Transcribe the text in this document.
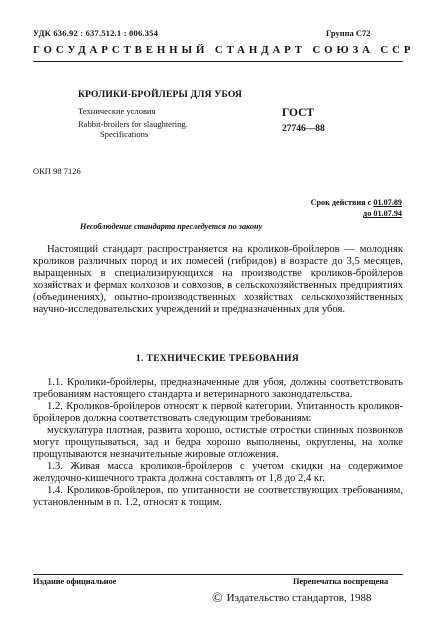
УДК 636.92 : 637.512.1 : 006.354	Группа С72
ГОСУДАРСТВЕННЫЙ СТАНДАРТ СОЮЗА ССР
КРОЛИКИ-БРОЙЛЕРЫ ДЛЯ УБОЯ
Технические условия
Rabbit-broilers for slaughtering.
Specifications
ГОСТ
27746—88
ОКП 98 7126
Срок действия с 01.07.89
до 01.07.94
Несоблюдение стандарта преследуется по закону
Настоящий стандарт распространяется на кроликов-бройлеров — молодняк кроликов различных пород и их помесей (гибридов) в возрасте до 3,5 месяцев, выращенных в специализирующихся на производстве кроликов-бройлеров хозяйствах и фермах колхозов и совхозов, в сельскохозяйственных предприятиях (объединениях), опытно-производственных хозяйствах сельскохозяйственных научно-исследовательских учреждений и предназначенных для убоя.
1. ТЕХНИЧЕСКИЕ ТРЕБОВАНИЯ
1.1. Кролики-бройлеры, предназначенные для убоя, должны соответствовать требованиям настоящего стандарта и ветеринарного законодательства.
1.2. Кроликов-бройлеров относят к первой категории. Упитанность кроликов-бройлеров должна соответствовать следующим требованиям:
мускулатура плотная, развита хорошо, остистые отростки спинных позвонков могут прощупываться, зад и бедра хорошо выполнены, округлены, на холке прощупываются незначительные жировые отложения.
1.3. Живая масса кроликов-бройлеров с учетом скидки на содержимое желудочно-кишечного тракта должна составлять от 1,8 до 2,4 кг.
1.4. Кроликов-бройлеров, по упитанности не соответствующих требованиям, установленным в п. 1.2, относят к тощим.
Издание официальное	Перепечатка воспрещена
© Издательство стандартов, 1988
